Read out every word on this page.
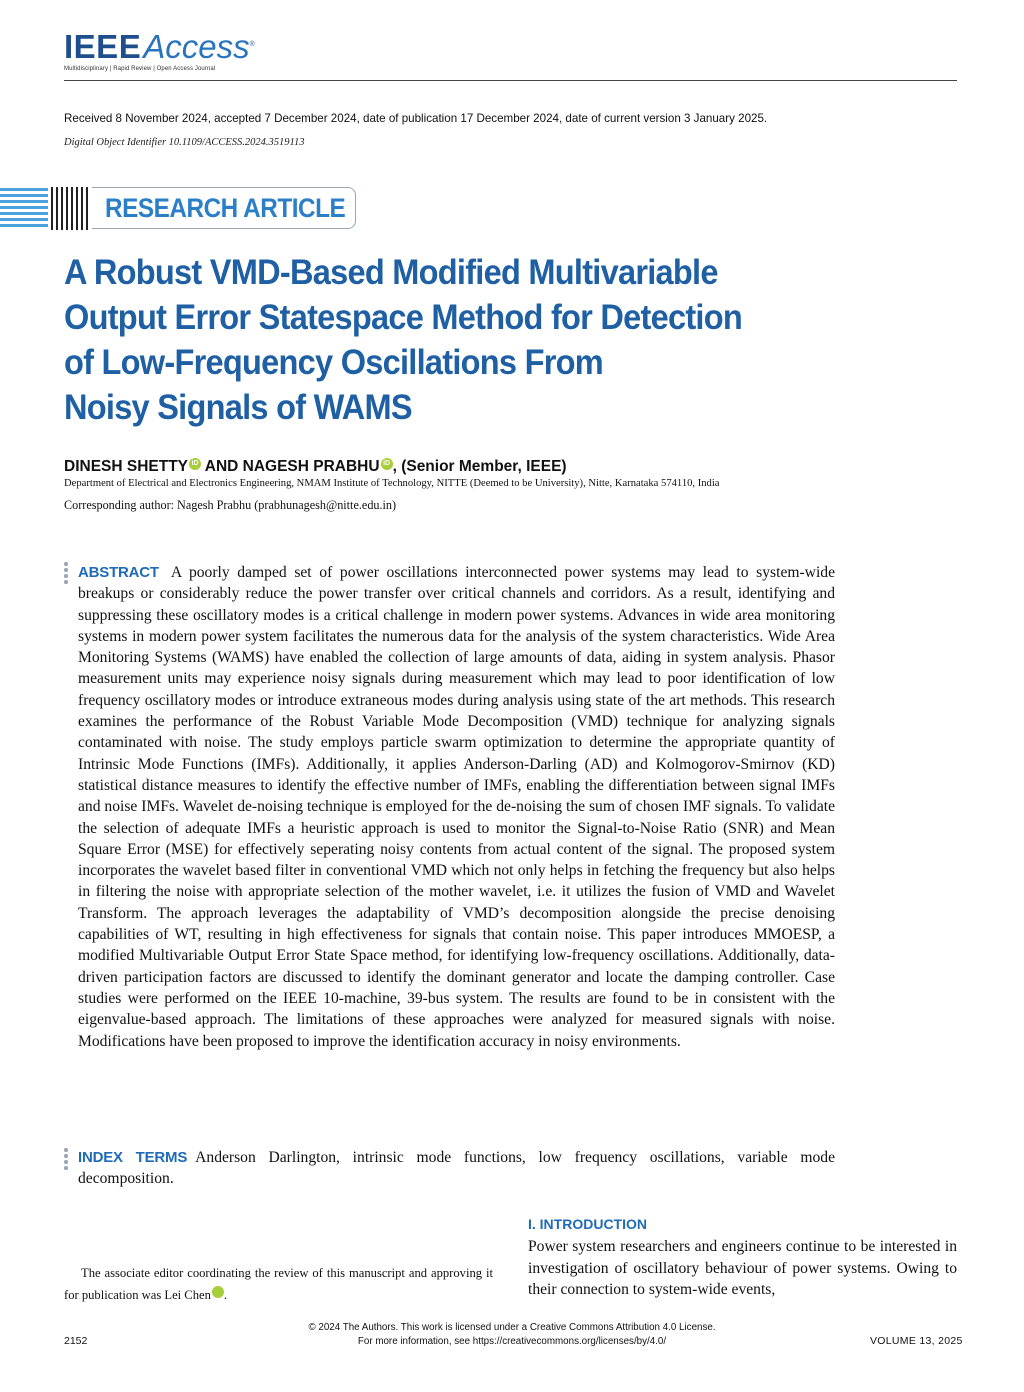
IEEEAccess®
Multidisciplinary | Rapid Review | Open Access Journal
Received 8 November 2024, accepted 7 December 2024, date of publication 17 December 2024, date of current version 3 January 2025.
Digital Object Identifier 10.1109/ACCESS.2024.3519113
RESEARCH ARTICLE
A Robust VMD-Based Modified Multivariable
Output Error Statespace Method for Detection
of Low-Frequency Oscillations From
Noisy Signals of WAMS
DINESH SHETTY iD AND NAGESH PRABHU iD , (Senior Member, IEEE)
Department of Electrical and Electronics Engineering, NMAM Institute of Technology, NITTE (Deemed to be University), Nitte, Karnataka 574110, India
Corresponding author: Nagesh Prabhu (prabhunagesh@nitte.edu.in)
ABSTRACT A poorly damped set of power oscillations interconnected power systems may lead to system-wide breakups or considerably reduce the power transfer over critical channels and corridors. As a result, identifying and suppressing these oscillatory modes is a critical challenge in modern power systems. Advances in wide area monitoring systems in modern power system facilitates the numerous data for the analysis of the system characteristics. Wide Area Monitoring Systems (WAMS) have enabled the collection of large amounts of data, aiding in system analysis. Phasor measurement units may experience noisy signals during measurement which may lead to poor identification of low frequency oscillatory modes or introduce extraneous modes during analysis using state of the art methods. This research examines the performance of the Robust Variable Mode Decomposition (VMD) technique for analyzing signals contaminated with noise. The study employs particle swarm optimization to determine the appropriate quantity of Intrinsic Mode Functions (IMFs). Additionally, it applies Anderson-Darling (AD) and Kolmogorov-Smirnov (KD) statistical distance measures to identify the effective number of IMFs, enabling the differentiation between signal IMFs and noise IMFs. Wavelet de-noising technique is employed for the de-noising the sum of chosen IMF signals. To validate the selection of adequate IMFs a heuristic approach is used to monitor the Signal-to-Noise Ratio (SNR) and Mean Square Error (MSE) for effectively seperating noisy contents from actual content of the signal. The proposed system incorporates the wavelet based filter in conventional VMD which not only helps in fetching the frequency but also helps in filtering the noise with appropriate selection of the mother wavelet, i.e. it utilizes the fusion of VMD and Wavelet Transform. The approach leverages the adaptability of VMD’s decomposition alongside the precise denoising capabilities of WT, resulting in high effectiveness for signals that contain noise. This paper introduces MMOESP, a modified Multivariable Output Error State Space method, for identifying low-frequency oscillations. Additionally, data-driven participation factors are discussed to identify the dominant generator and locate the damping controller. Case studies were performed on the IEEE 10-machine, 39-bus system. The results are found to be in consistent with the eigenvalue-based approach. The limitations of these approaches were analyzed for measured signals with noise. Modifications have been proposed to improve the identification accuracy in noisy environments.
INDEX TERMS Anderson Darlington, intrinsic mode functions, low frequency oscillations, variable mode decomposition.
I. INTRODUCTION
Power system researchers and engineers continue to be interested in investigation of oscillatory behaviour of power systems. Owing to their connection to system-wide events,
The associate editor coordinating the review of this manuscript and approving it for publication was Lei Chen	iD.
© 2024 The Authors. This work is licensed under a Creative Commons Attribution 4.0 License.
For more information, see https://creativecommons.org/licenses/by/4.0/
2152	VOLUME 13, 2025
